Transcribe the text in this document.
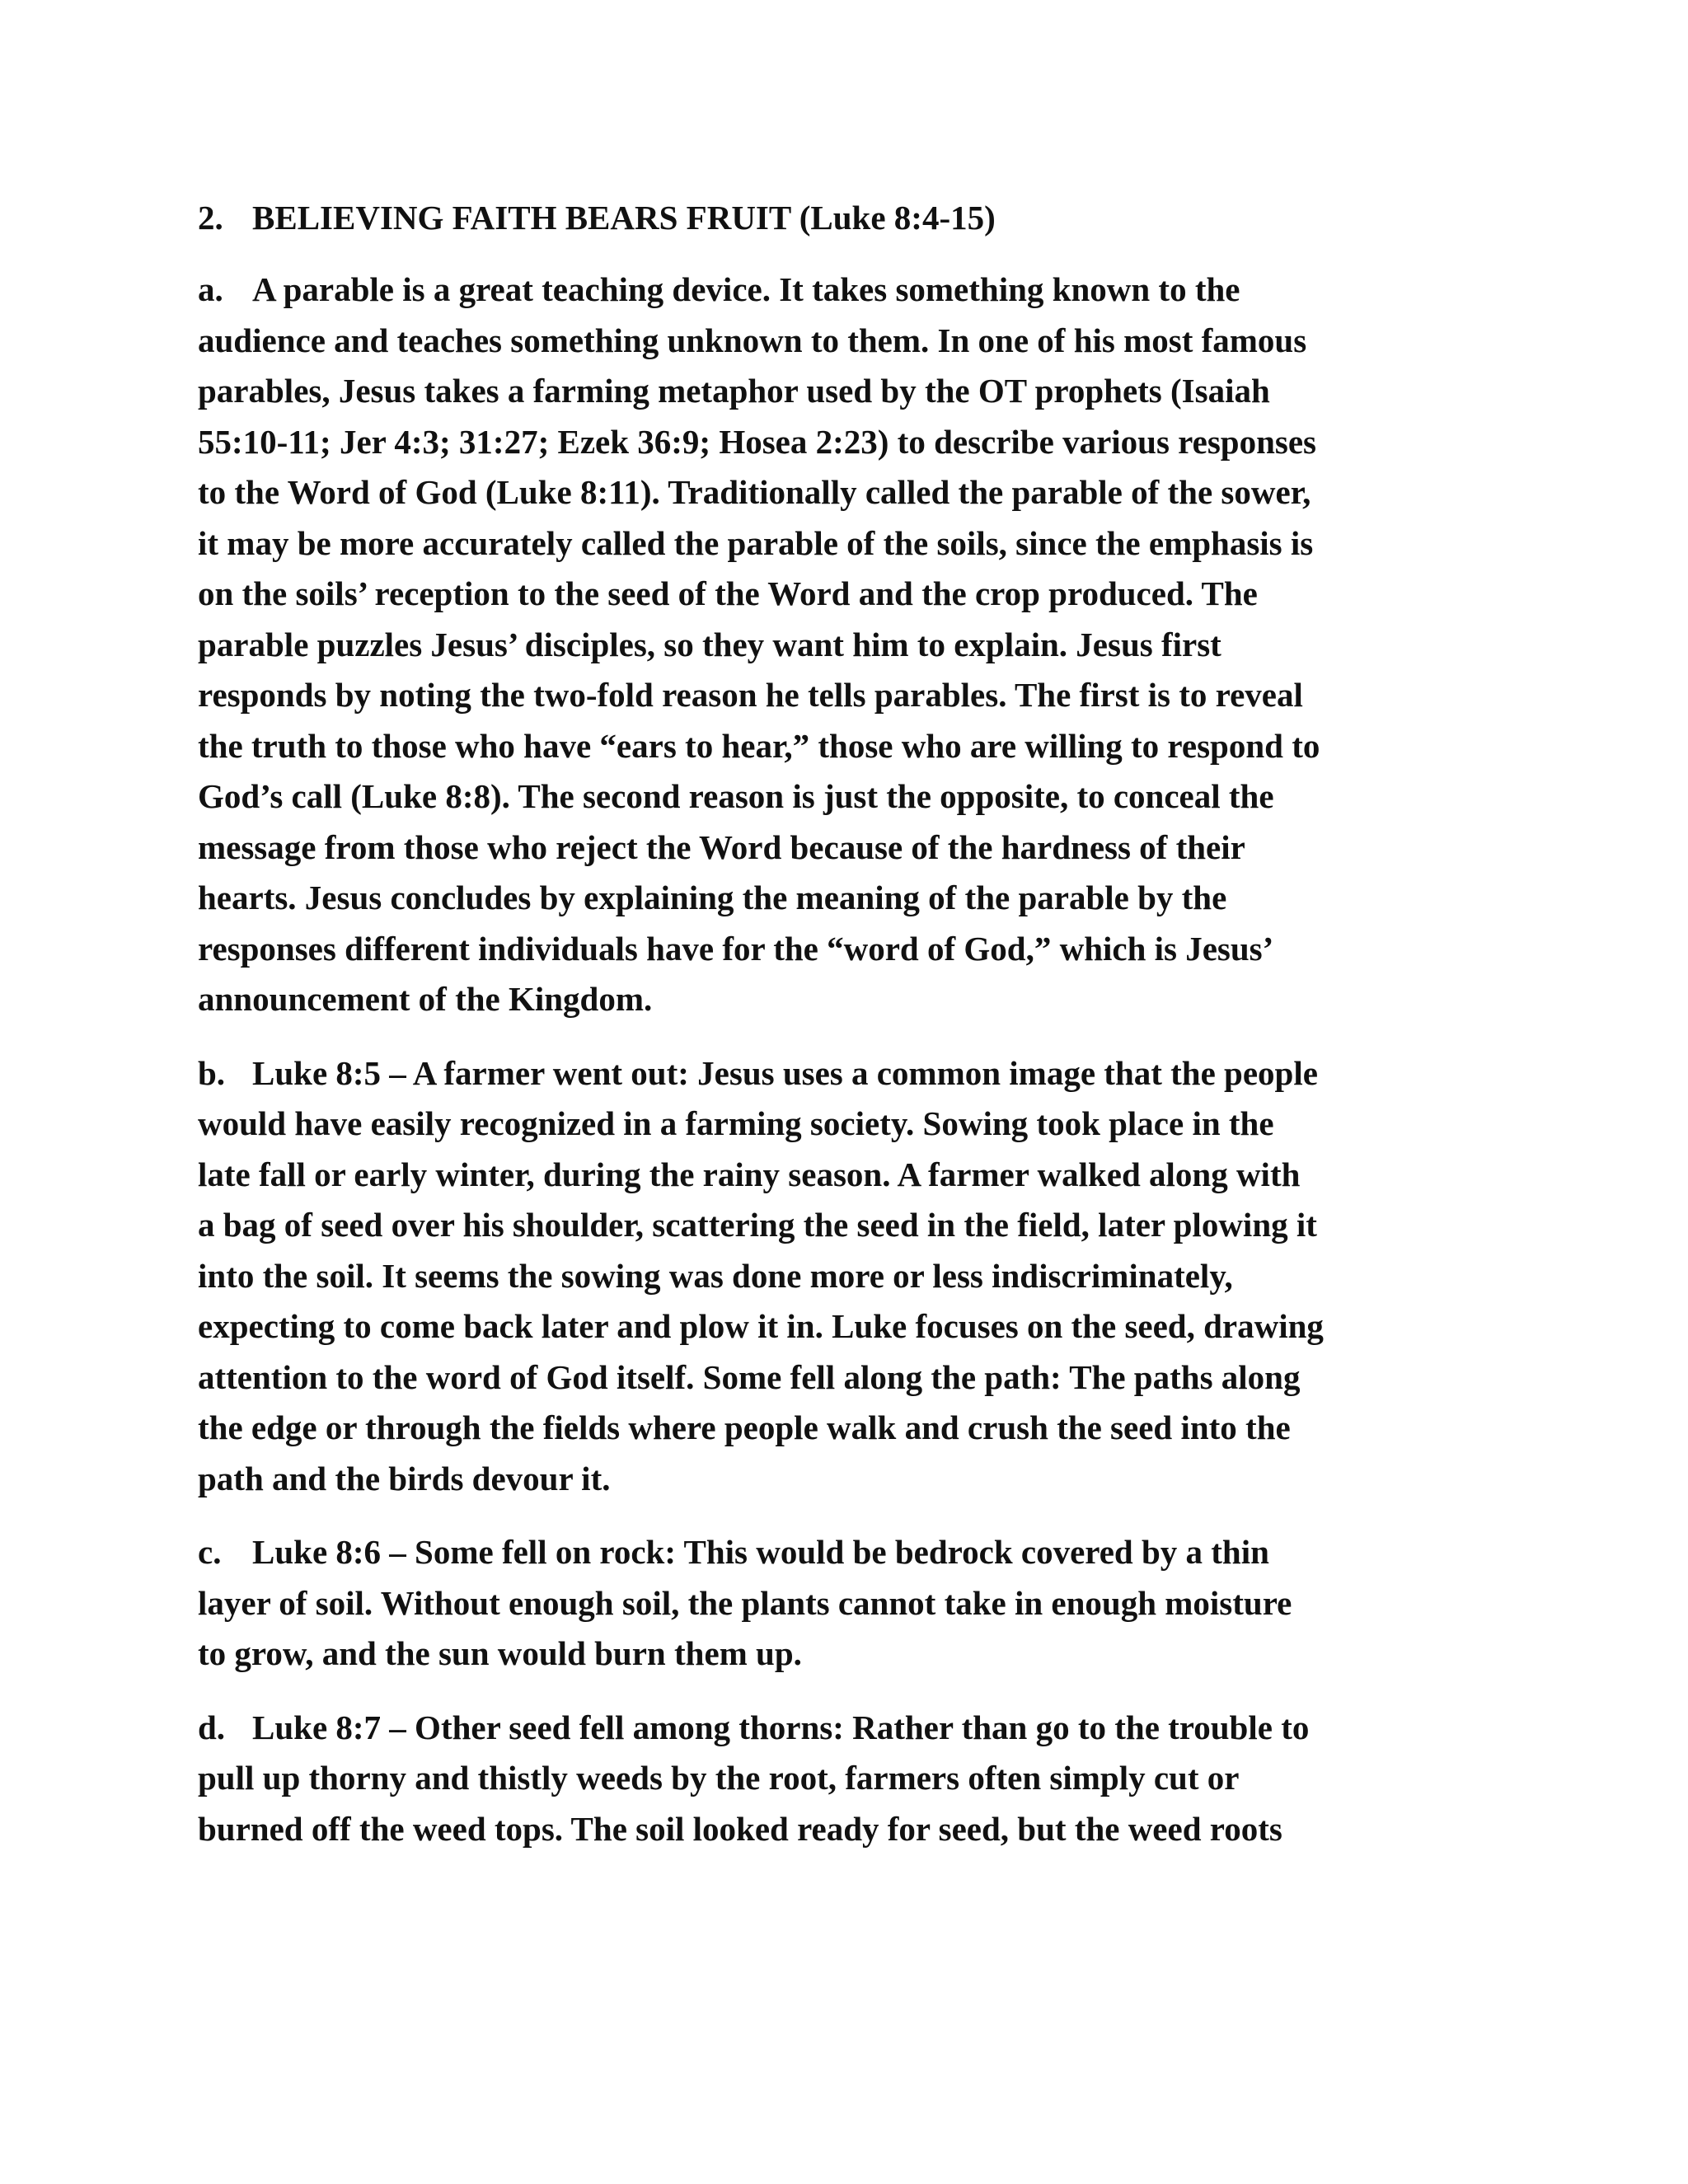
2. BELIEVING FAITH BEARS FRUIT (Luke 8:4-15)
a. A parable is a great teaching device. It takes something known to the
audience and teaches something unknown to them. In one of his most famous
parables, Jesus takes a farming metaphor used by the OT prophets (Isaiah
55:10-11; Jer 4:3; 31:27; Ezek 36:9; Hosea 2:23) to describe various responses
to the Word of God (Luke 8:11). Traditionally called the parable of the sower,
it may be more accurately called the parable of the soils, since the emphasis is
on the soils’ reception to the seed of the Word and the crop produced. The
parable puzzles Jesus’ disciples, so they want him to explain. Jesus first
responds by noting the two-fold reason he tells parables. The first is to reveal
the truth to those who have “ears to hear,” those who are willing to respond to
God’s call (Luke 8:8). The second reason is just the opposite, to conceal the
message from those who reject the Word because of the hardness of their
hearts. Jesus concludes by explaining the meaning of the parable by the
responses different individuals have for the “word of God,” which is Jesus’
announcement of the Kingdom.
b. Luke 8:5 – A farmer went out: Jesus uses a common image that the people
would have easily recognized in a farming society. Sowing took place in the
late fall or early winter, during the rainy season. A farmer walked along with
a bag of seed over his shoulder, scattering the seed in the field, later plowing it
into the soil. It seems the sowing was done more or less indiscriminately,
expecting to come back later and plow it in. Luke focuses on the seed, drawing
attention to the word of God itself. Some fell along the path: The paths along
the edge or through the fields where people walk and crush the seed into the
path and the birds devour it.
c. Luke 8:6 – Some fell on rock: This would be bedrock covered by a thin
layer of soil. Without enough soil, the plants cannot take in enough moisture
to grow, and the sun would burn them up.
d. Luke 8:7 – Other seed fell among thorns: Rather than go to the trouble to
pull up thorny and thistly weeds by the root, farmers often simply cut or
burned off the weed tops. The soil looked ready for seed, but the weed roots
